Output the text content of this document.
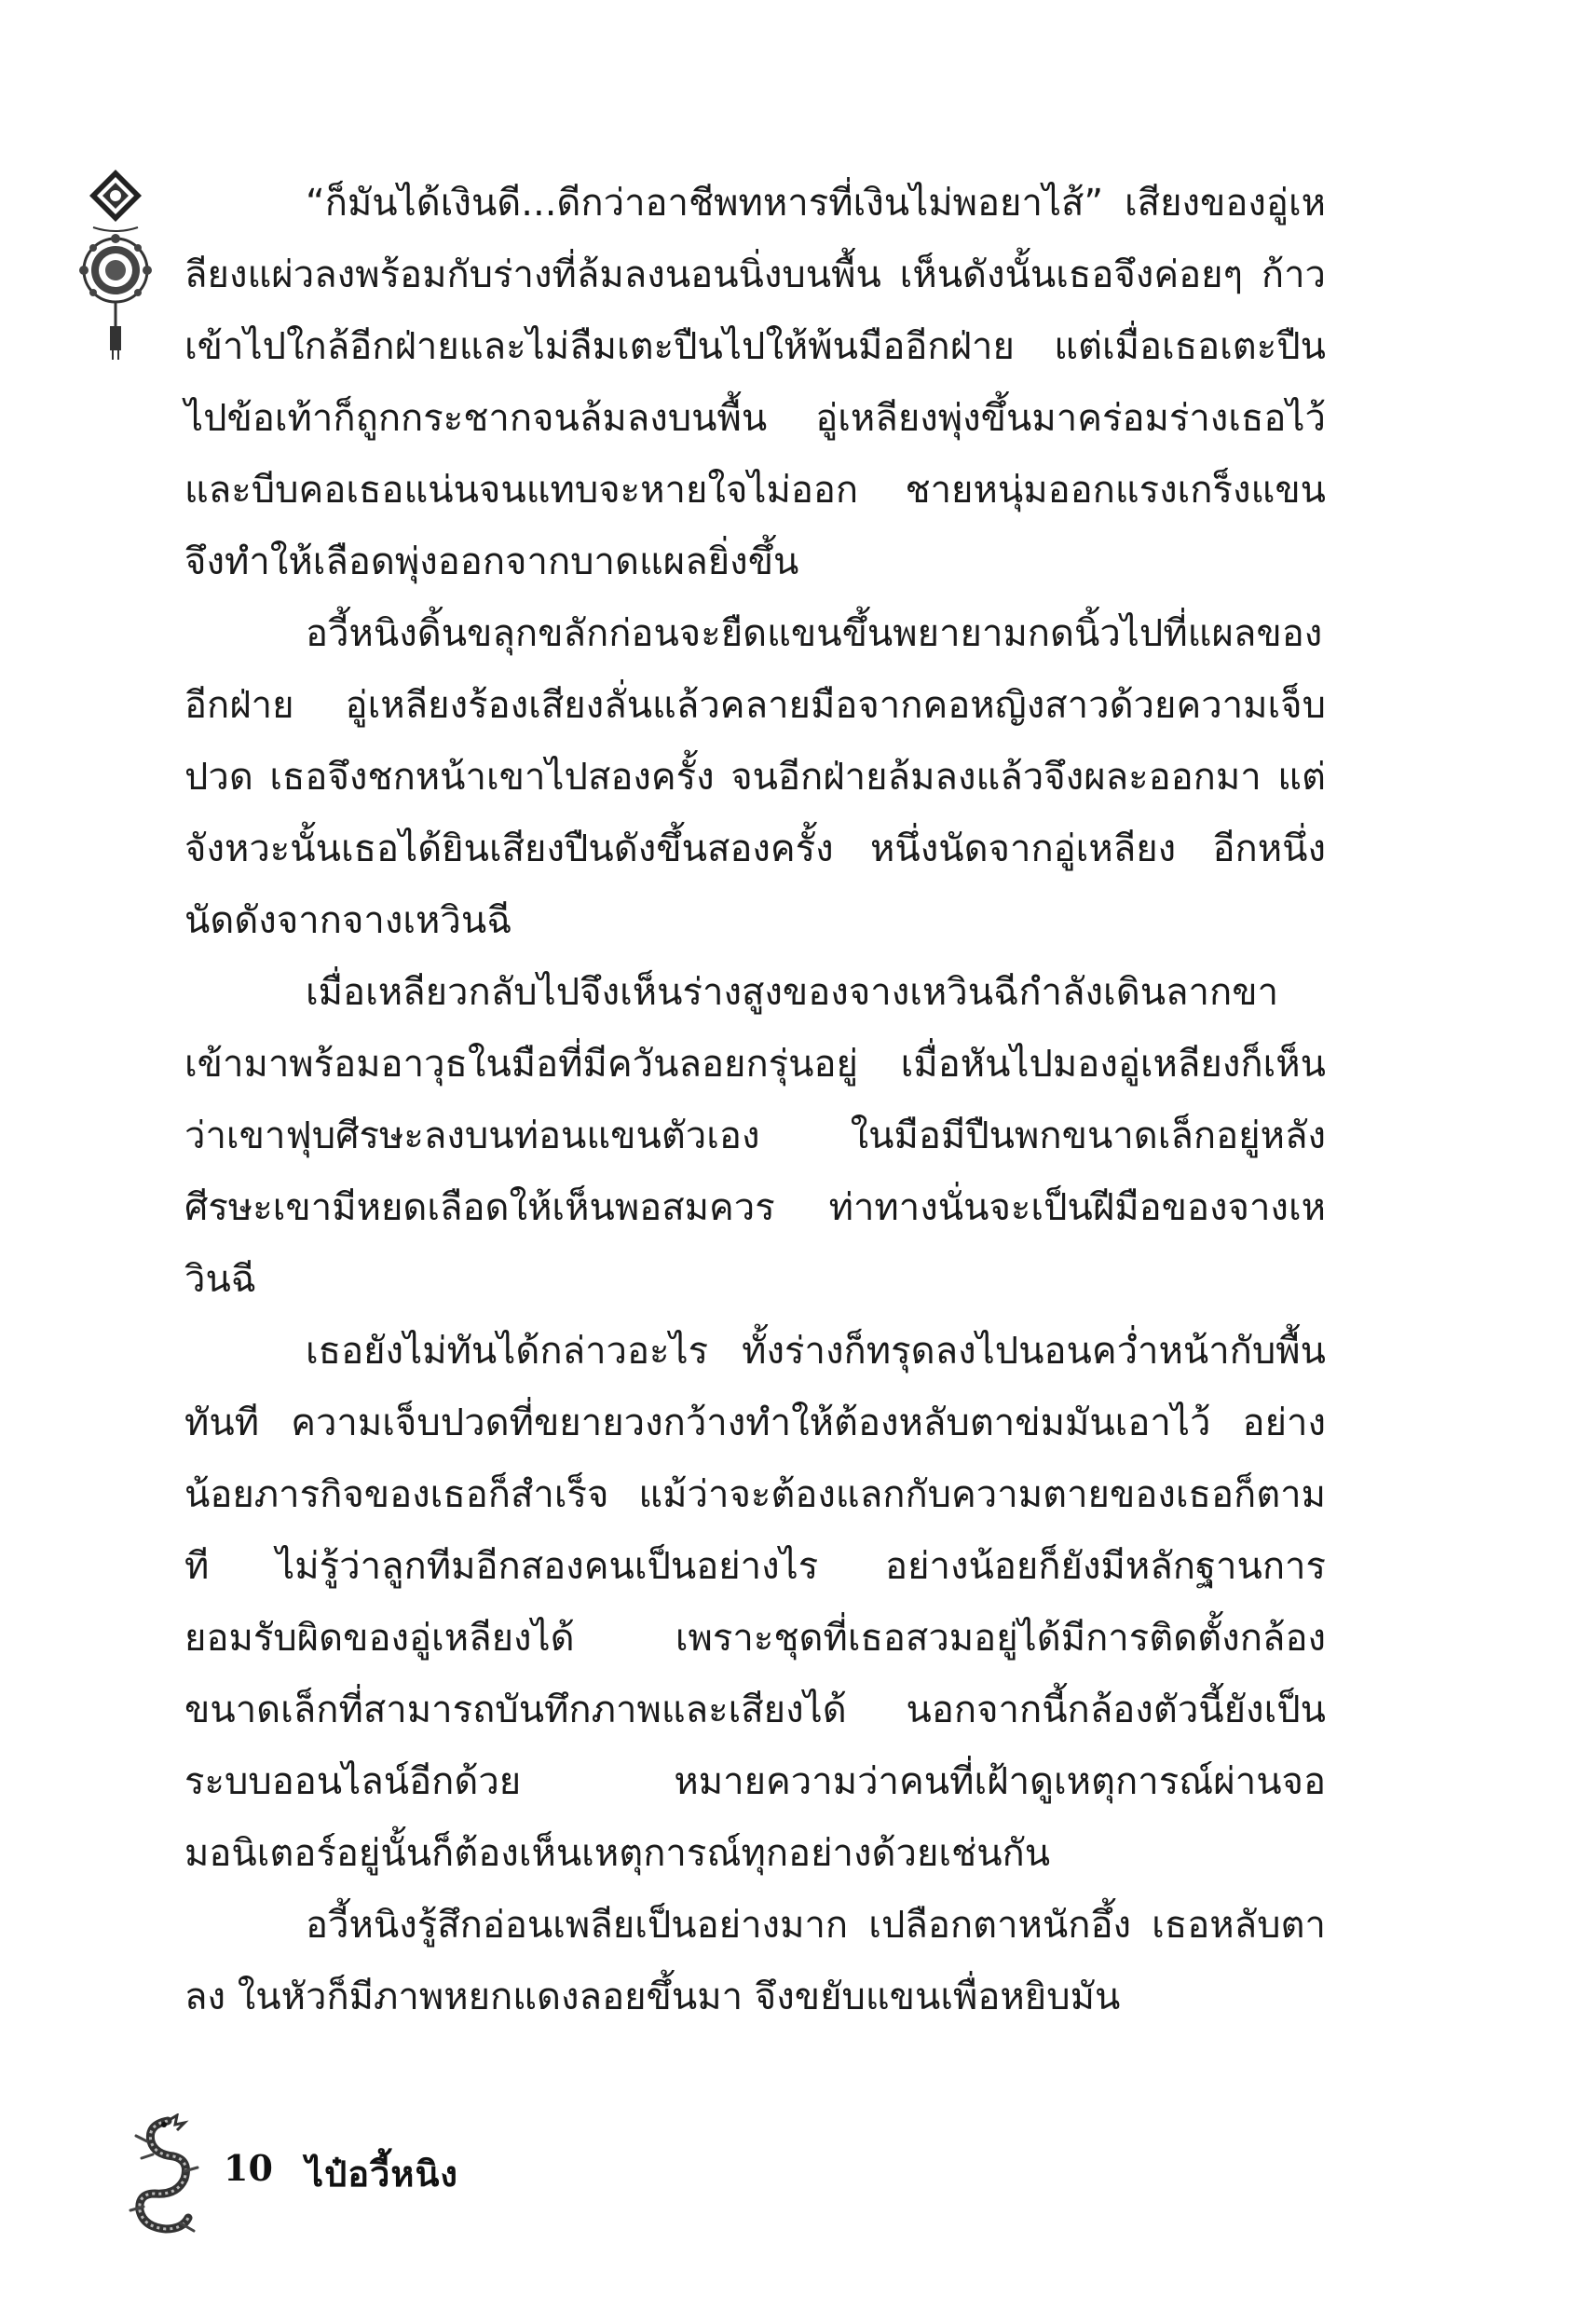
“ก็มันได้เงินดี...ดีกว่าอาชีพทหารที่เงินไม่พอยาไส้” เสียงของอู่เหลียงแผ่วลงพร้อมกับร่างที่ล้มลงนอนนิ่งบนพื้น เห็นดังนั้นเธอจึงค่อยๆ ก้าวเข้าไปใกล้อีกฝ่ายและไม่ลืมเตะปืนไปให้พ้นมืออีกฝ่าย แต่เมื่อเธอเตะปืนไปข้อเท้าก็ถูกกระชากจนล้มลงบนพื้น อู่เหลียงพุ่งขึ้นมาคร่อมร่างเธอไว้และบีบคอเธอแน่นจนแทบจะหายใจไม่ออก ชายหนุ่มออกแรงเกร็งแขนจึงทำให้เลือดพุ่งออกจากบาดแผลยิ่งขึ้น

อวี้หนิงดิ้นขลุกขลักก่อนจะยืดแขนขึ้นพยายามกดนิ้วไปที่แผลของอีกฝ่าย อู่เหลียงร้องเสียงลั่นแล้วคลายมือจากคอหญิงสาวด้วยความเจ็บปวด เธอจึงชกหน้าเขาไปสองครั้ง จนอีกฝ่ายล้มลงแล้วจึงผละออกมา แต่จังหวะนั้นเธอได้ยินเสียงปืนดังขึ้นสองครั้ง หนึ่งนัดจากอู่เหลียง อีกหนึ่งนัดดังจากจางเหวินฉี

เมื่อเหลียวกลับไปจึงเห็นร่างสูงของจางเหวินฉีกำลังเดินลากขาเข้ามาพร้อมอาวุธในมือที่มีควันลอยกรุ่นอยู่ เมื่อหันไปมองอู่เหลียงก็เห็นว่าเขาฟุบศีรษะลงบนท่อนแขนตัวเอง ในมือมีปืนพกขนาดเล็กอยู่หลังศีรษะเขามีหยดเลือดให้เห็นพอสมควร ท่าทางนั่นจะเป็นฝีมือของจางเหวินฉี

เธอยังไม่ทันได้กล่าวอะไร ทั้งร่างก็ทรุดลงไปนอนคว่ำหน้ากับพื้นทันที ความเจ็บปวดที่ขยายวงกว้างทำให้ต้องหลับตาข่มมันเอาไว้ อย่างน้อยภารกิจของเธอก็สำเร็จ แม้ว่าจะต้องแลกกับความตายของเธอก็ตามที ไม่รู้ว่าลูกทีมอีกสองคนเป็นอย่างไร อย่างน้อยก็ยังมีหลักฐานการยอมรับผิดของอู่เหลียงได้ เพราะชุดที่เธอสวมอยู่ได้มีการติดตั้งกล้องขนาดเล็กที่สามารถบันทึกภาพและเสียงได้ นอกจากนี้กล้องตัวนี้ยังเป็นระบบออนไลน์อีกด้วย หมายความว่าคนที่เฝ้าดูเหตุการณ์ผ่านจอมอนิเตอร์อยู่นั้นก็ต้องเห็นเหตุการณ์ทุกอย่างด้วยเช่นกัน

อวี้หนิงรู้สึกอ่อนเพลียเป็นอย่างมาก เปลือกตาหนักอึ้ง เธอหลับตาลง ในหัวก็มีภาพหยกแดงลอยขึ้นมา จึงขยับแขนเพื่อหยิบมัน

10 ไป๋อวี้หนิง
